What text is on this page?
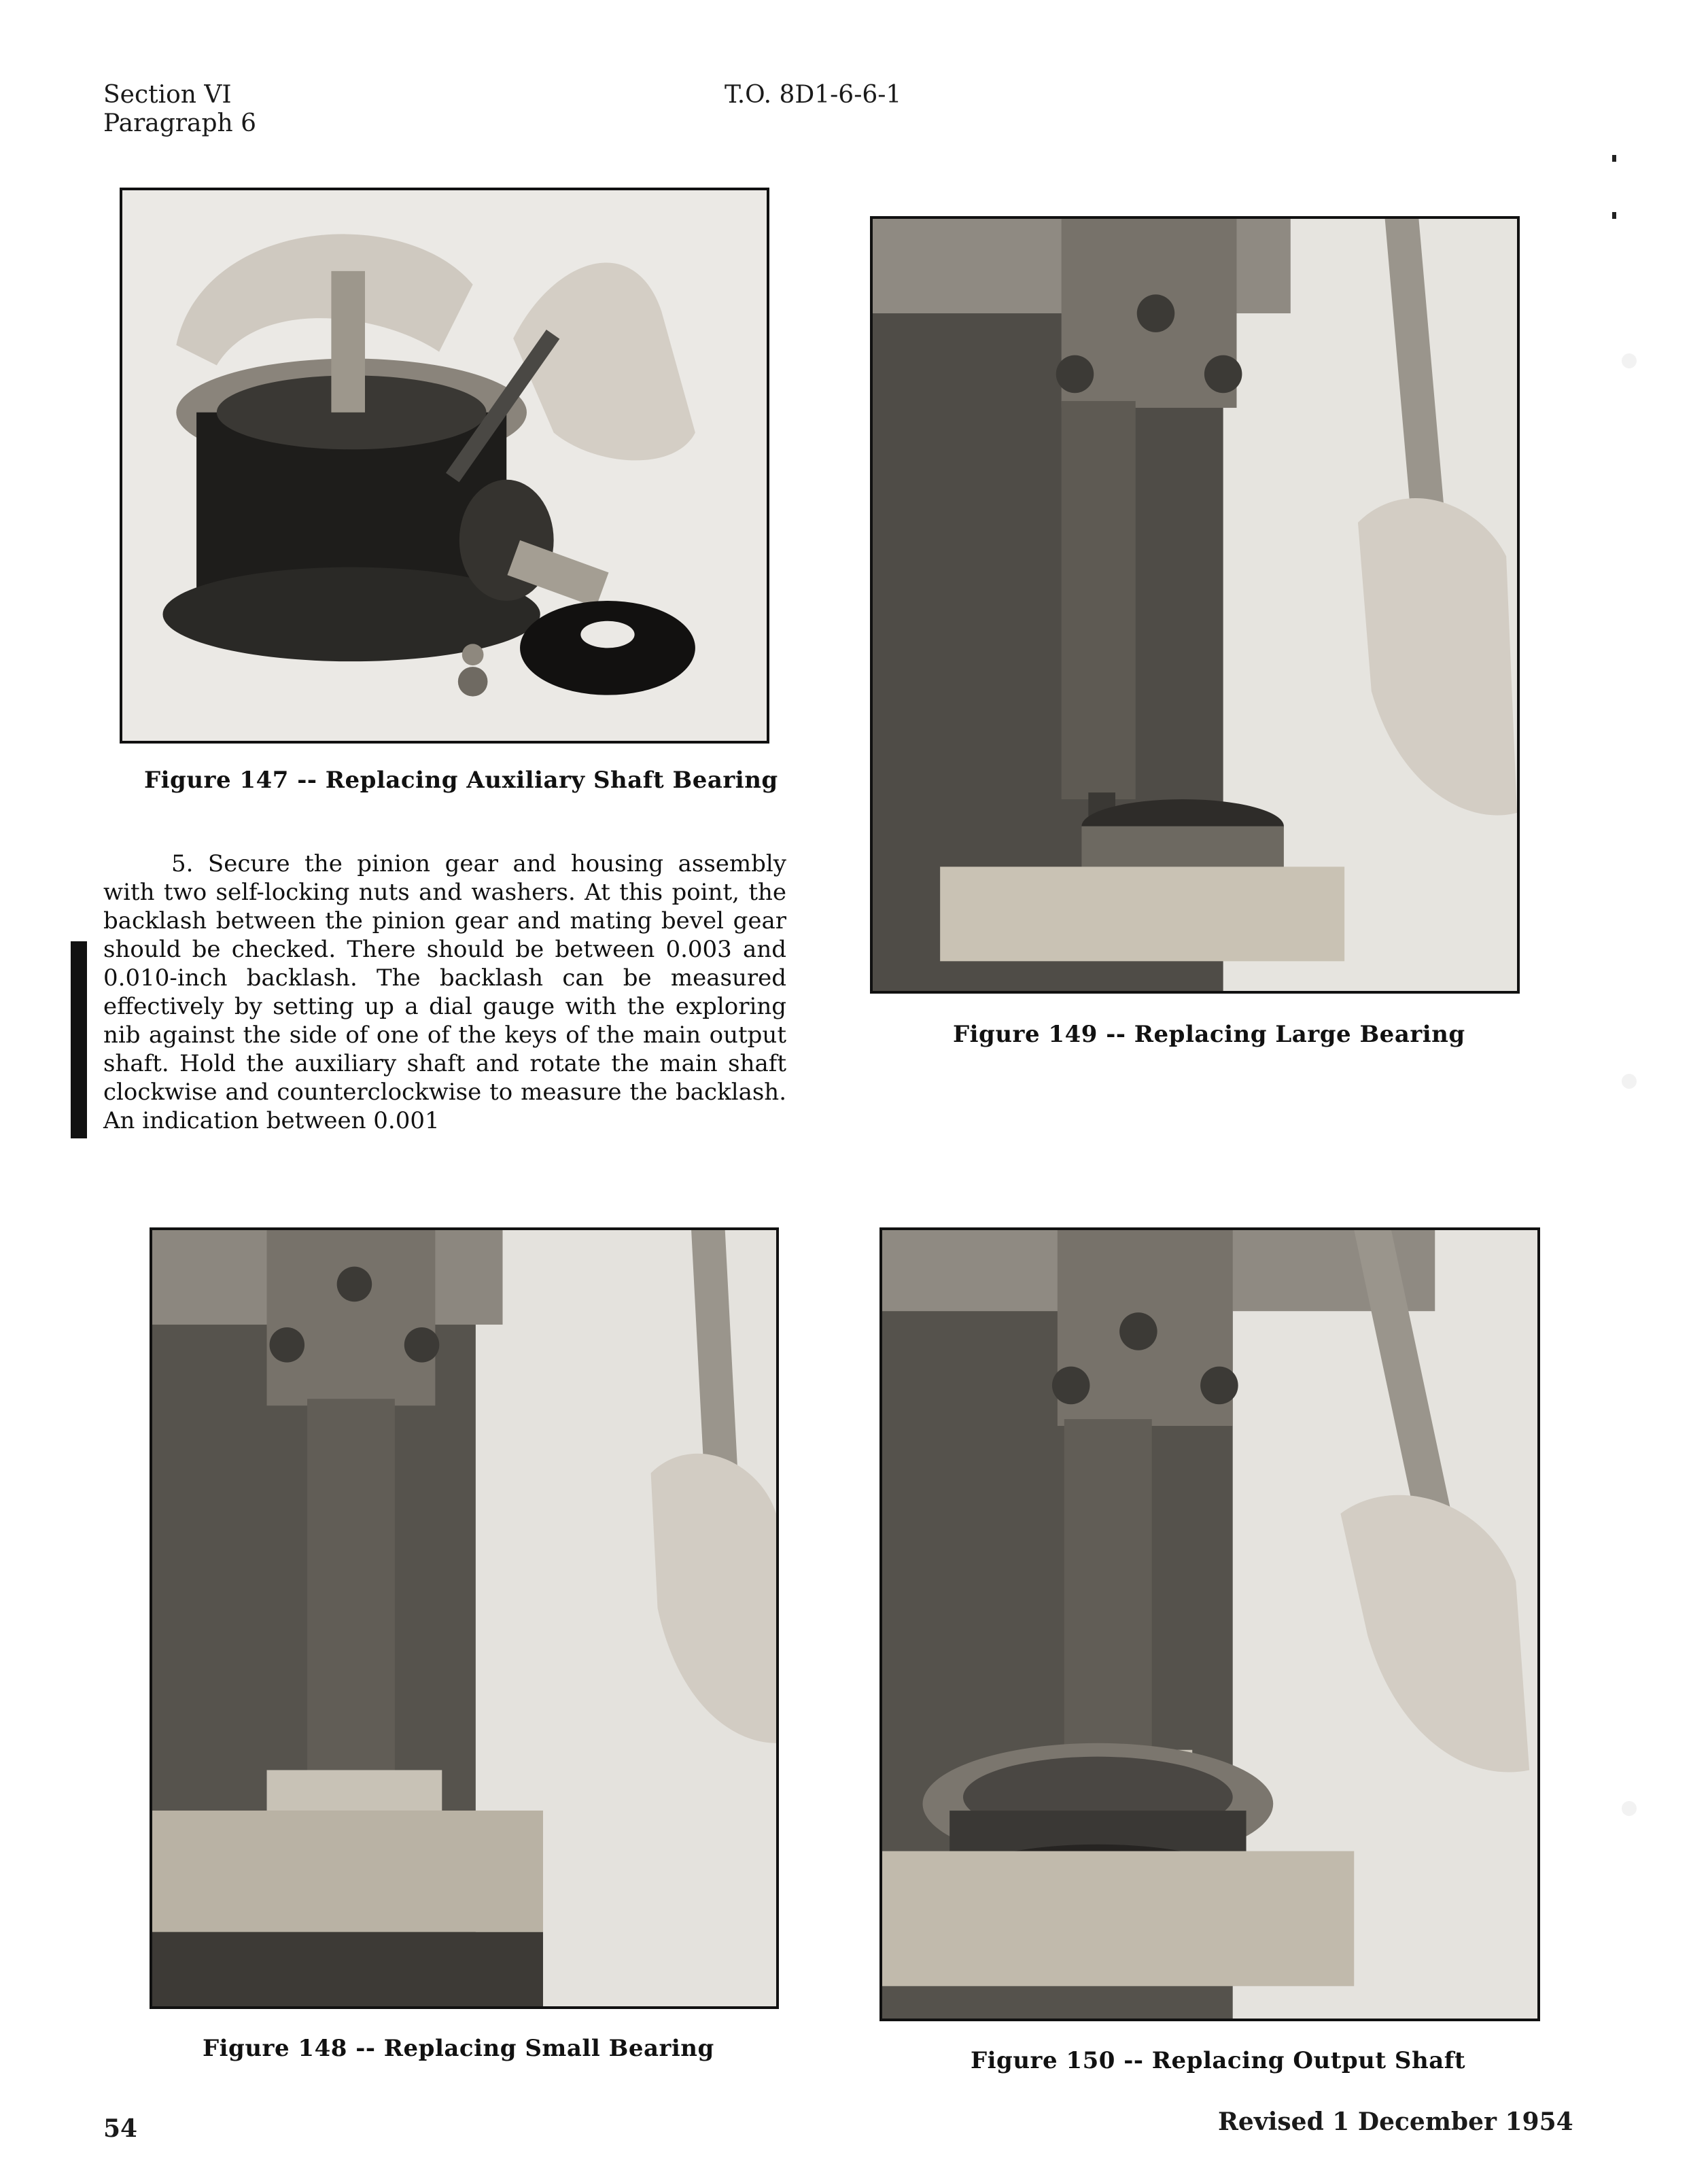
Section VI
Paragraph 6
T.O. 8D1-6-6-1
Figure 147 -- Replacing Auxiliary Shaft Bearing
Figure 149 -- Replacing Large Bearing

5. Secure the pinion gear and housing assembly with two self-locking nuts and washers. At this point, the backlash between the pinion gear and mating bevel gear should be checked. There should be between 0.003 and 0.010-inch backlash. The backlash can be measured effectively by setting up a dial gauge with the exploring nib against the side of one of the keys of the main output shaft. Hold the auxiliary shaft and rotate the main shaft clockwise and counterclockwise to measure the backlash. An indication between 0.001

Figure 148 -- Replacing Small Bearing	Figure 150 -- Replacing Output Shaft
54	Revised 1 December 1954
